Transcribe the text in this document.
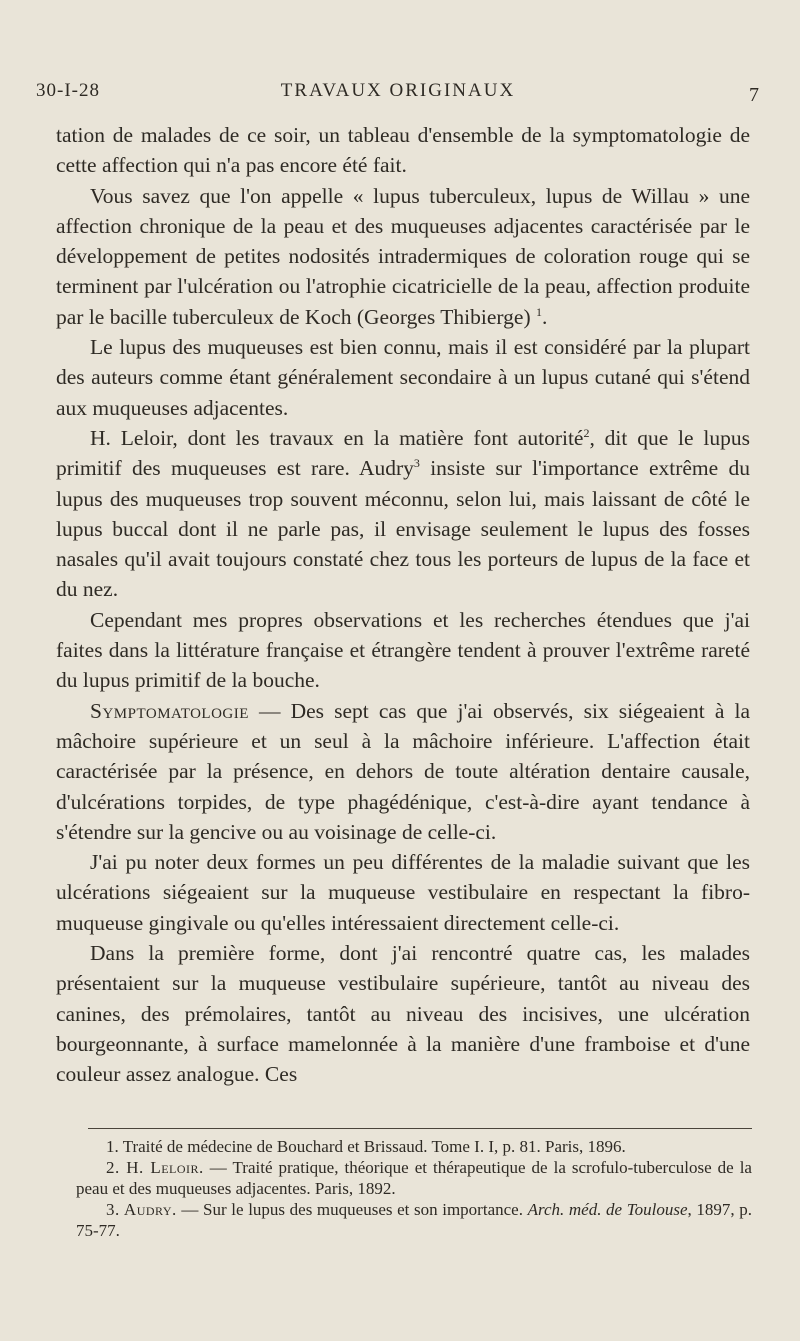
30-I-28	TRAVAUX ORIGINAUX	7

tation de malades de ce soir, un tableau d'ensemble de la symptomatologie de cette affection qui n'a pas encore été fait.

Vous savez que l'on appelle « lupus tuberculeux, lupus de Willau » une affection chronique de la peau et des muqueuses adjacentes caractérisée par le développement de petites nodosités intradermiques de coloration rouge qui se terminent par l'ulcération ou l'atrophie cicatricielle de la peau, affection produite par le bacille tuberculeux de Koch (Georges Thibierge) $^1$.

Le lupus des muqueuses est bien connu, mais il est considéré par la plupart des auteurs comme étant généralement secondaire à un lupus cutané qui s'étend aux muqueuses adjacentes.

H. Leloir, dont les travaux en la matière font autorité$^2$, dit que le lupus primitif des muqueuses est rare. Audry$^3$ insiste sur l'importance extrême du lupus des muqueuses trop souvent méconnu, selon lui, mais laissant de côté le lupus buccal dont il ne parle pas, il envisage seulement le lupus des fosses nasales qu'il avait toujours constaté chez tous les porteurs de lupus de la face et du nez.

Cependant mes propres observations et les recherches étendues que j'ai faites dans la littérature française et étrangère tendent à prouver l'extrême rareté du lupus primitif de la bouche.

Symptomatologie — Des sept cas que j'ai observés, six siégeaient à la mâchoire supérieure et un seul à la mâchoire inférieure. L'affection était caractérisée par la présence, en dehors de toute altération dentaire causale, d'ulcérations torpides, de type phagédénique, c'est-à-dire ayant tendance à s'étendre sur la gencive ou au voisinage de celle-ci.

J'ai pu noter deux formes un peu différentes de la maladie suivant que les ulcérations siégeaient sur la muqueuse vestibulaire en respectant la fibro-muqueuse gingivale ou qu'elles intéressaient directement celle-ci.

Dans la première forme, dont j'ai rencontré quatre cas, les malades présentaient sur la muqueuse vestibulaire supérieure, tantôt au niveau des canines, des prémolaires, tantôt au niveau des incisives, une ulcération bourgeonnante, à surface mamelonnée à la manière d'une framboise et d'une couleur assez analogue. Ces

1. Traité de médecine de Bouchard et Brissaud. Tome I. I, p. 81. Paris, 1896.

2. H. Leloir. — Traité pratique, théorique et thérapeutique de la scrofulo-tuberculose de la peau et des muqueuses adjacentes. Paris, 1892.

3. Audry. — Sur le lupus des muqueuses et son importance. Arch. méd. de Toulouse, 1897, p. 75-77.
